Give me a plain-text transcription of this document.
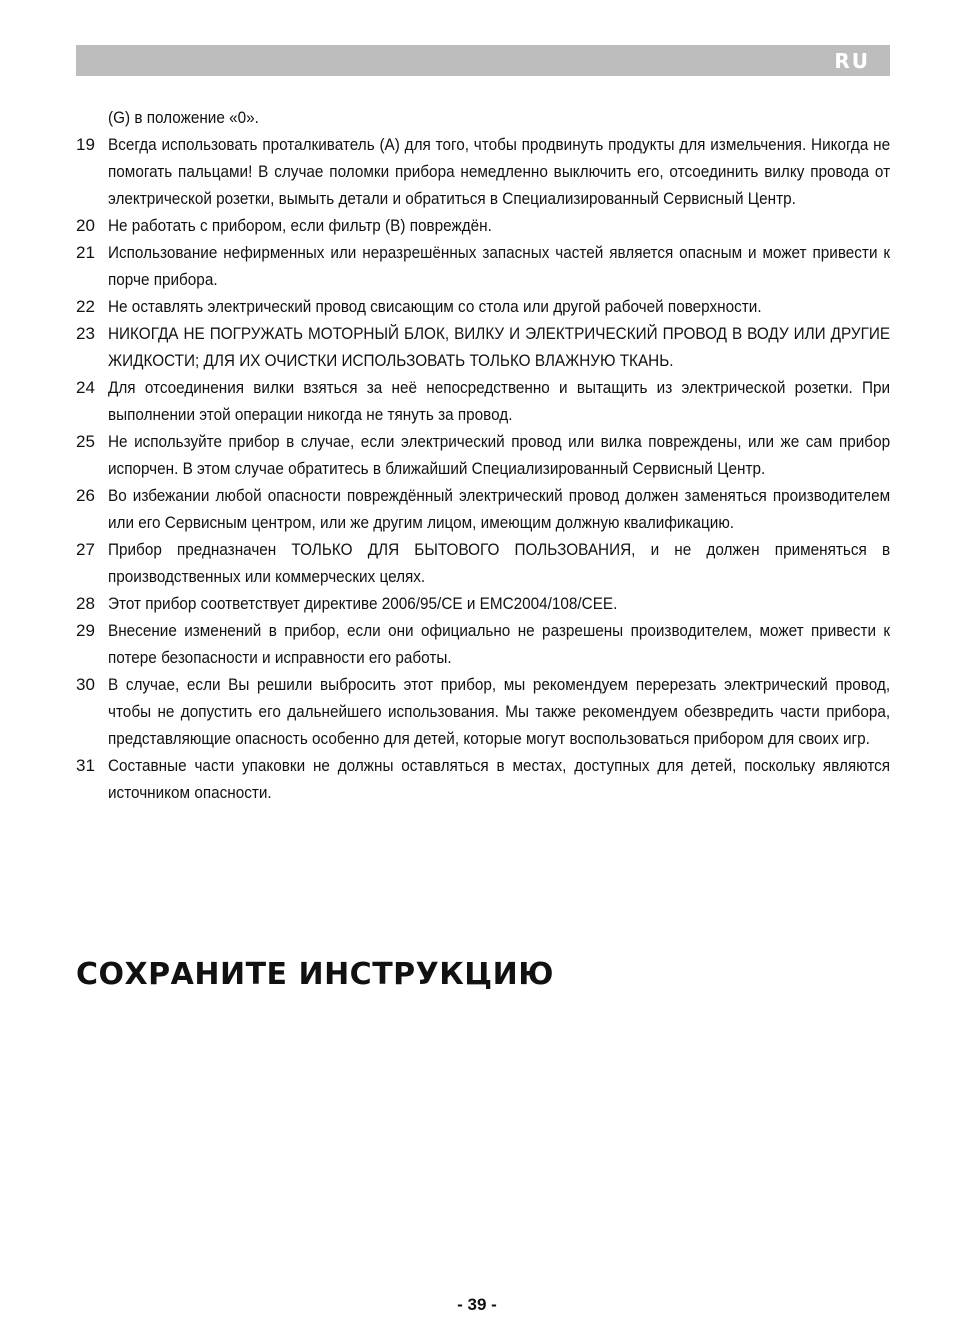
RU
(G) в положение «0».
19 Всегда использовать проталкиватель (A) для того, чтобы продвинуть продукты для измельчения. Никогда не помогать пальцами! В случае поломки прибора немедленно выключить его, отсоединить вилку провода от электрической розетки, вымыть детали и обратиться в Специализированный Сервисный Центр.
20 Не работать с прибором, если фильтр (B) повреждён.
21 Использование нефирменных или неразрешённых запасных частей является опасным и может привести к порче прибора.
22 Не оставлять электрический провод свисающим со стола или другой рабочей поверхности.
23 НИКОГДА НЕ ПОГРУЖАТЬ МОТОРНЫЙ БЛОК, ВИЛКУ И ЭЛЕКТРИЧЕСКИЙ ПРОВОД В ВОДУ ИЛИ ДРУГИЕ ЖИДКОСТИ; ДЛЯ ИХ ОЧИСТКИ ИСПОЛЬЗОВАТЬ ТОЛЬКО ВЛАЖНУЮ ТКАНЬ.
24 Для отсоединения вилки взяться за неё непосредственно и вытащить из электрической розетки. При выполнении этой операции никогда не тянуть за провод.
25 Не используйте прибор в случае, если электрический провод или вилка повреждены, или же сам прибор испорчен. В этом случае обратитесь в ближайший Специализированный Сервисный Центр.
26 Во избежании любой опасности повреждённый электрический провод должен заменяться производителем или его Сервисным центром, или же другим лицом, имеющим должную квалификацию.
27 Прибор предназначен ТОЛЬКО ДЛЯ БЫТОВОГО ПОЛЬЗОВАНИЯ, и не должен применяться в производственных или коммерческих целях.
28 Этот прибор соответствует директиве 2006/95/CE и EMC2004/108/CEE.
29 Внесение изменений в прибор, если они официально не разрешены производителем, может привести к потере безопасности и исправности его работы.
30 В случае, если Вы решили выбросить этот прибор, мы рекомендуем перерезать электрический провод, чтобы не допустить его дальнейшего использования. Мы также рекомендуем обезвредить части прибора, представляющие опасность особенно для детей, которые могут воспользоваться прибором для своих игр.
31 Составные части упаковки не должны оставляться в местах, доступных для детей, поскольку являются источником опасности.
СОХРАНИТЕ ИНСТРУКЦИЮ
- 39 -
